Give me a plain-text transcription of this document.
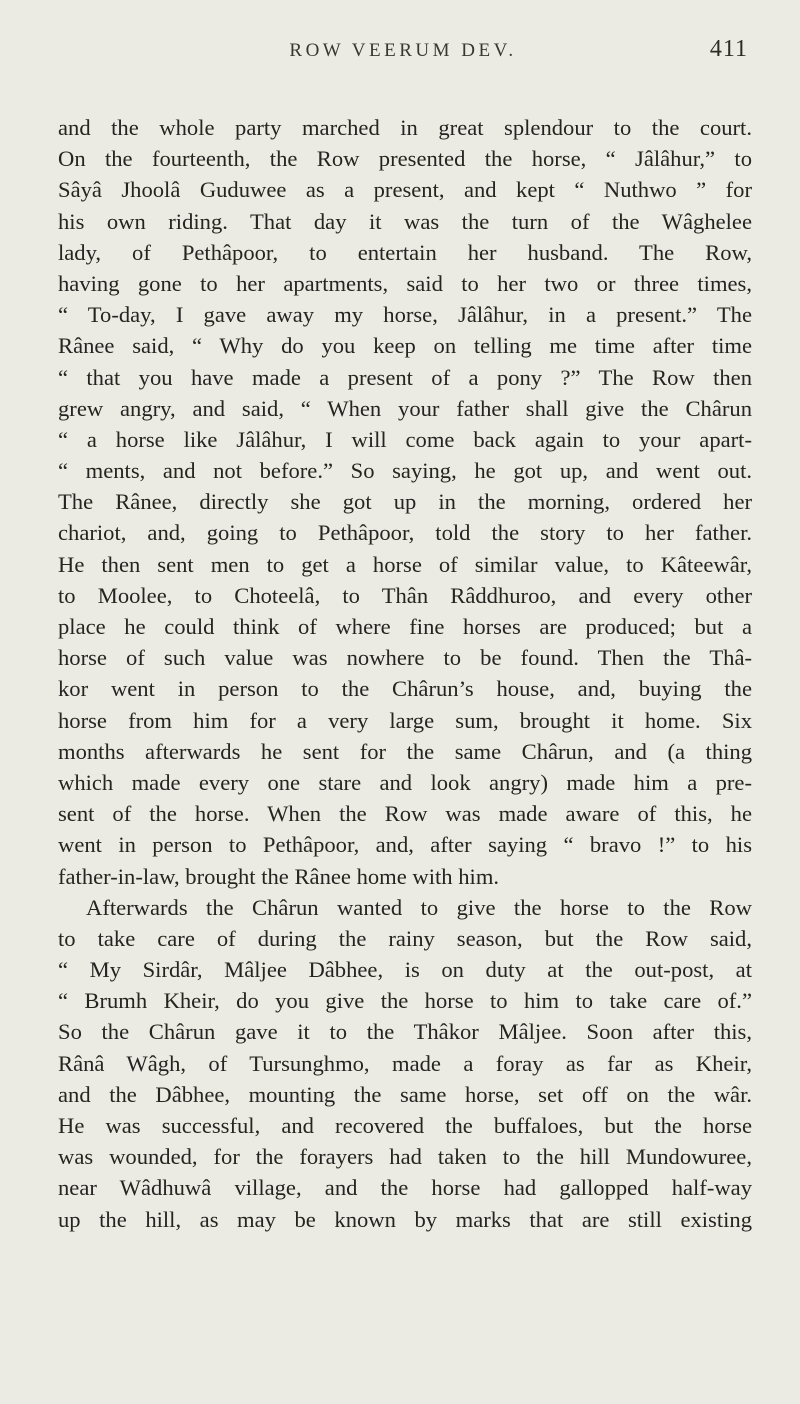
ROW VEERUM DEV.	411
and the whole party marched in great splendour to the court.
On the fourteenth, the Row presented the horse, “ Jâlâhur,” to
Sâyâ Jhoolâ Guduwee as a present, and kept “ Nuthwo ” for
his own riding. That day it was the turn of the Wâghelee
lady, of Pethâpoor, to entertain her husband. The Row,
having gone to her apartments, said to her two or three times,
“ To-day, I gave away my horse, Jâlâhur, in a present.” The
Rânee said, “ Why do you keep on telling me time after time
“ that you have made a present of a pony ?” The Row then
grew angry, and said, “ When your father shall give the Chârun
“ a horse like Jâlâhur, I will come back again to your apart-
“ ments, and not before.” So saying, he got up, and went out.
The Rânee, directly she got up in the morning, ordered her
chariot, and, going to Pethâpoor, told the story to her father.
He then sent men to get a horse of similar value, to Kâteewâr,
to Moolee, to Choteelâ, to Thân Râddhuroo, and every other
place he could think of where fine horses are produced; but a
horse of such value was nowhere to be found. Then the Thâ-
kor went in person to the Chârun’s house, and, buying the
horse from him for a very large sum, brought it home. Six
months afterwards he sent for the same Chârun, and (a thing
which made every one stare and look angry) made him a pre-
sent of the horse. When the Row was made aware of this, he
went in person to Pethâpoor, and, after saying “ bravo !” to his
father-in-law, brought the Rânee home with him.
Afterwards the Chârun wanted to give the horse to the Row
to take care of during the rainy season, but the Row said,
“ My Sirdâr, Mâljee Dâbhee, is on duty at the out-post, at
“ Brumh Kheir, do you give the horse to him to take care of.”
So the Chârun gave it to the Thâkor Mâljee. Soon after this,
Rânâ Wâgh, of Tursunghmo, made a foray as far as Kheir,
and the Dâbhee, mounting the same horse, set off on the wâr.
He was successful, and recovered the buffaloes, but the horse
was wounded, for the forayers had taken to the hill Mundowuree,
near Wâdhuwâ village, and the horse had gallopped half-way
up the hill, as may be known by marks that are still existing
